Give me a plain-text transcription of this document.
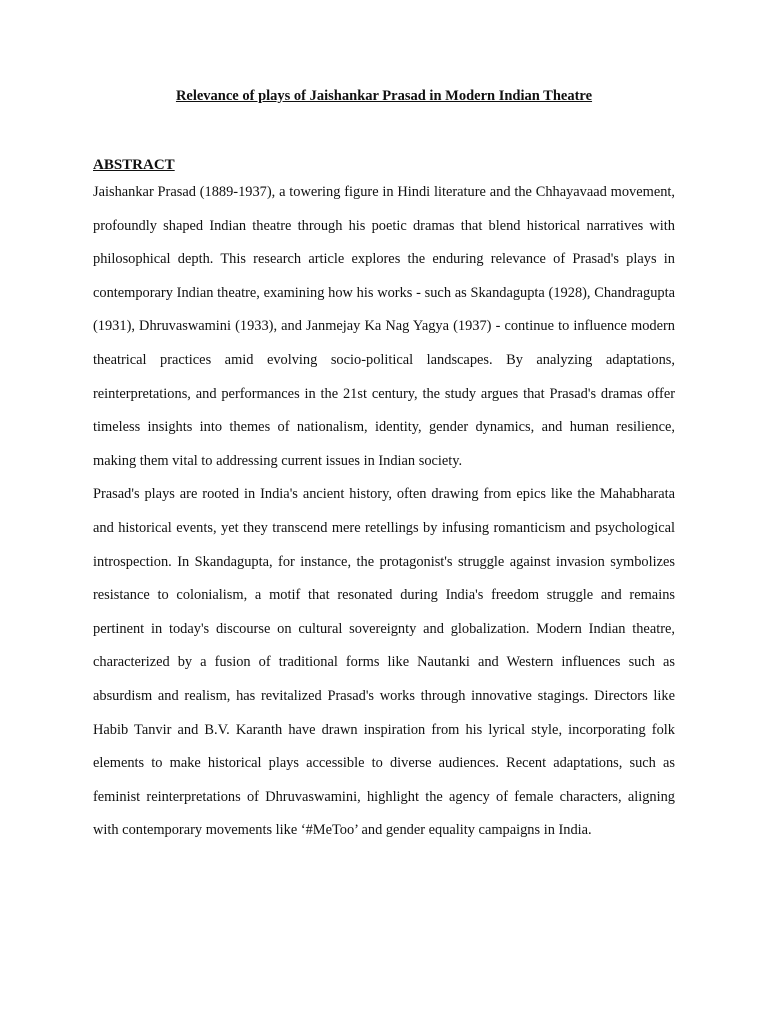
Relevance of plays of Jaishankar Prasad in Modern Indian Theatre

ABSTRACT

Jaishankar Prasad (1889-1937), a towering figure in Hindi literature and the Chhayavaad movement, profoundly shaped Indian theatre through his poetic dramas that blend historical narratives with philosophical depth. This research article explores the enduring relevance of Prasad's plays in contemporary Indian theatre, examining how his works - such as Skandagupta (1928), Chandragupta (1931), Dhruvaswamini (1933), and Janmejay Ka Nag Yagya (1937) - continue to influence modern theatrical practices amid evolving socio-political landscapes. By analyzing adaptations, reinterpretations, and performances in the 21st century, the study argues that Prasad's dramas offer timeless insights into themes of nationalism, identity, gender dynamics, and human resilience, making them vital to addressing current issues in Indian society.

Prasad's plays are rooted in India's ancient history, often drawing from epics like the Mahabharata and historical events, yet they transcend mere retellings by infusing romanticism and psychological introspection. In Skandagupta, for instance, the protagonist's struggle against invasion symbolizes resistance to colonialism, a motif that resonated during India's freedom struggle and remains pertinent in today's discourse on cultural sovereignty and globalization. Modern Indian theatre, characterized by a fusion of traditional forms like Nautanki and Western influences such as absurdism and realism, has revitalized Prasad's works through innovative stagings. Directors like Habib Tanvir and B.V. Karanth have drawn inspiration from his lyrical style, incorporating folk elements to make historical plays accessible to diverse audiences. Recent adaptations, such as feminist reinterpretations of Dhruvaswamini, highlight the agency of female characters, aligning with contemporary movements like ‘#MeToo’ and gender equality campaigns in India.
